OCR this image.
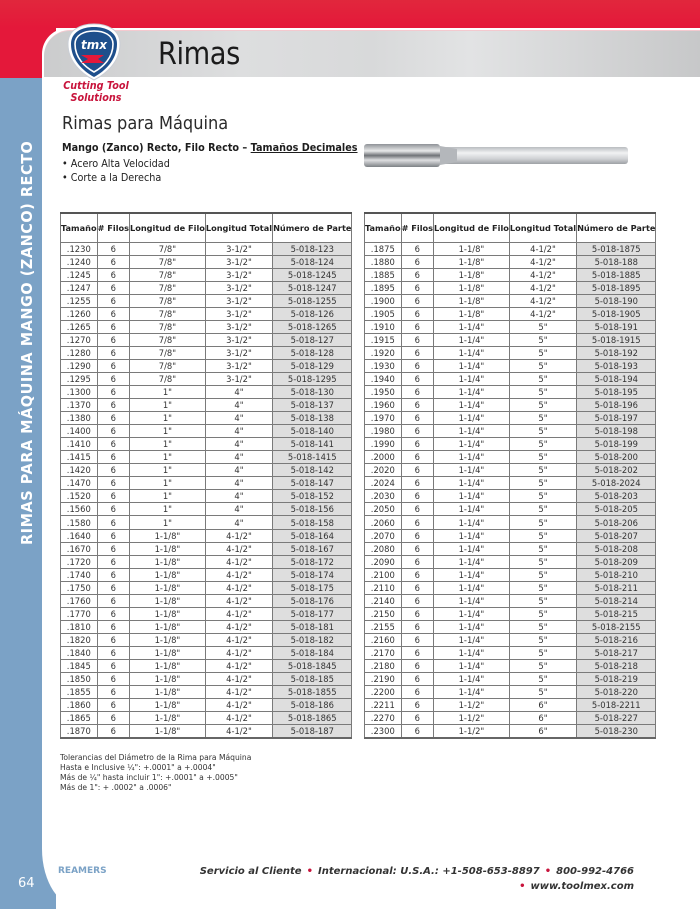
Rimas
tmx
Cutting Tool
Solutions
RIMAS PARA MÁQUINA MANGO (ZANCO) RECTO
Rimas para Máquina
Mango (Zanco) Recto, Filo Recto – Tamaños Decimales
• Acero Alta Velocidad
• Corte a la Derecha
Tamaño	# Filos	Longitud de Filo	Longitud Total	Número de Parte
.1230	6	7/8"	3-1/2"	5-018-123
.1240	6	7/8"	3-1/2"	5-018-124
.1245	6	7/8"	3-1/2"	5-018-1245
.1247	6	7/8"	3-1/2"	5-018-1247
.1255	6	7/8"	3-1/2"	5-018-1255
.1260	6	7/8"	3-1/2"	5-018-126
.1265	6	7/8"	3-1/2"	5-018-1265
.1270	6	7/8"	3-1/2"	5-018-127
.1280	6	7/8"	3-1/2"	5-018-128
.1290	6	7/8"	3-1/2"	5-018-129
.1295	6	7/8"	3-1/2"	5-018-1295
.1300	6	1"	4"	5-018-130
.1370	6	1"	4"	5-018-137
.1380	6	1"	4"	5-018-138
.1400	6	1"	4"	5-018-140
.1410	6	1"	4"	5-018-141
.1415	6	1"	4"	5-018-1415
.1420	6	1"	4"	5-018-142
.1470	6	1"	4"	5-018-147
.1520	6	1"	4"	5-018-152
.1560	6	1"	4"	5-018-156
.1580	6	1"	4"	5-018-158
.1640	6	1-1/8"	4-1/2"	5-018-164
.1670	6	1-1/8"	4-1/2"	5-018-167
.1720	6	1-1/8"	4-1/2"	5-018-172
.1740	6	1-1/8"	4-1/2"	5-018-174
.1750	6	1-1/8"	4-1/2"	5-018-175
.1760	6	1-1/8"	4-1/2"	5-018-176
.1770	6	1-1/8"	4-1/2"	5-018-177
.1810	6	1-1/8"	4-1/2"	5-018-181
.1820	6	1-1/8"	4-1/2"	5-018-182
.1840	6	1-1/8"	4-1/2"	5-018-184
.1845	6	1-1/8"	4-1/2"	5-018-1845
.1850	6	1-1/8"	4-1/2"	5-018-185
.1855	6	1-1/8"	4-1/2"	5-018-1855
.1860	6	1-1/8"	4-1/2"	5-018-186
.1865	6	1-1/8"	4-1/2"	5-018-1865
.1870	6	1-1/8"	4-1/2"	5-018-187
Tamaño	# Filos	Longitud de Filo	Longitud Total	Número de Parte
.1875	6	1-1/8"	4-1/2"	5-018-1875
.1880	6	1-1/8"	4-1/2"	5-018-188
.1885	6	1-1/8"	4-1/2"	5-018-1885
.1895	6	1-1/8"	4-1/2"	5-018-1895
.1900	6	1-1/8"	4-1/2"	5-018-190
.1905	6	1-1/8"	4-1/2"	5-018-1905
.1910	6	1-1/4"	5"	5-018-191
.1915	6	1-1/4"	5"	5-018-1915
.1920	6	1-1/4"	5"	5-018-192
.1930	6	1-1/4"	5"	5-018-193
.1940	6	1-1/4"	5"	5-018-194
.1950	6	1-1/4"	5"	5-018-195
.1960	6	1-1/4"	5"	5-018-196
.1970	6	1-1/4"	5"	5-018-197
.1980	6	1-1/4"	5"	5-018-198
.1990	6	1-1/4"	5"	5-018-199
.2000	6	1-1/4"	5"	5-018-200
.2020	6	1-1/4"	5"	5-018-202
.2024	6	1-1/4"	5"	5-018-2024
.2030	6	1-1/4"	5"	5-018-203
.2050	6	1-1/4"	5"	5-018-205
.2060	6	1-1/4"	5"	5-018-206
.2070	6	1-1/4"	5"	5-018-207
.2080	6	1-1/4"	5"	5-018-208
.2090	6	1-1/4"	5"	5-018-209
.2100	6	1-1/4"	5"	5-018-210
.2110	6	1-1/4"	5"	5-018-211
.2140	6	1-1/4"	5"	5-018-214
.2150	6	1-1/4"	5"	5-018-215
.2155	6	1-1/4"	5"	5-018-2155
.2160	6	1-1/4"	5"	5-018-216
.2170	6	1-1/4"	5"	5-018-217
.2180	6	1-1/4"	5"	5-018-218
.2190	6	1-1/4"	5"	5-018-219
.2200	6	1-1/4"	5"	5-018-220
.2211	6	1-1/2"	6"	5-018-2211
.2270	6	1-1/2"	6"	5-018-227
.2300	6	1-1/2"	6"	5-018-230
Tolerancias del Diámetro de la Rima para Máquina
Hasta e Inclusive ¼": +.0001" a +.0004"
Más de ¼" hasta incluir 1": +.0001" a +.0005"
Más de 1": + .0002" a .0006"
REAMERS
64
Servicio al Cliente • Internacional: U.S.A.: +1-508-653-8897 • 800-992-4766
• www.toolmex.com
